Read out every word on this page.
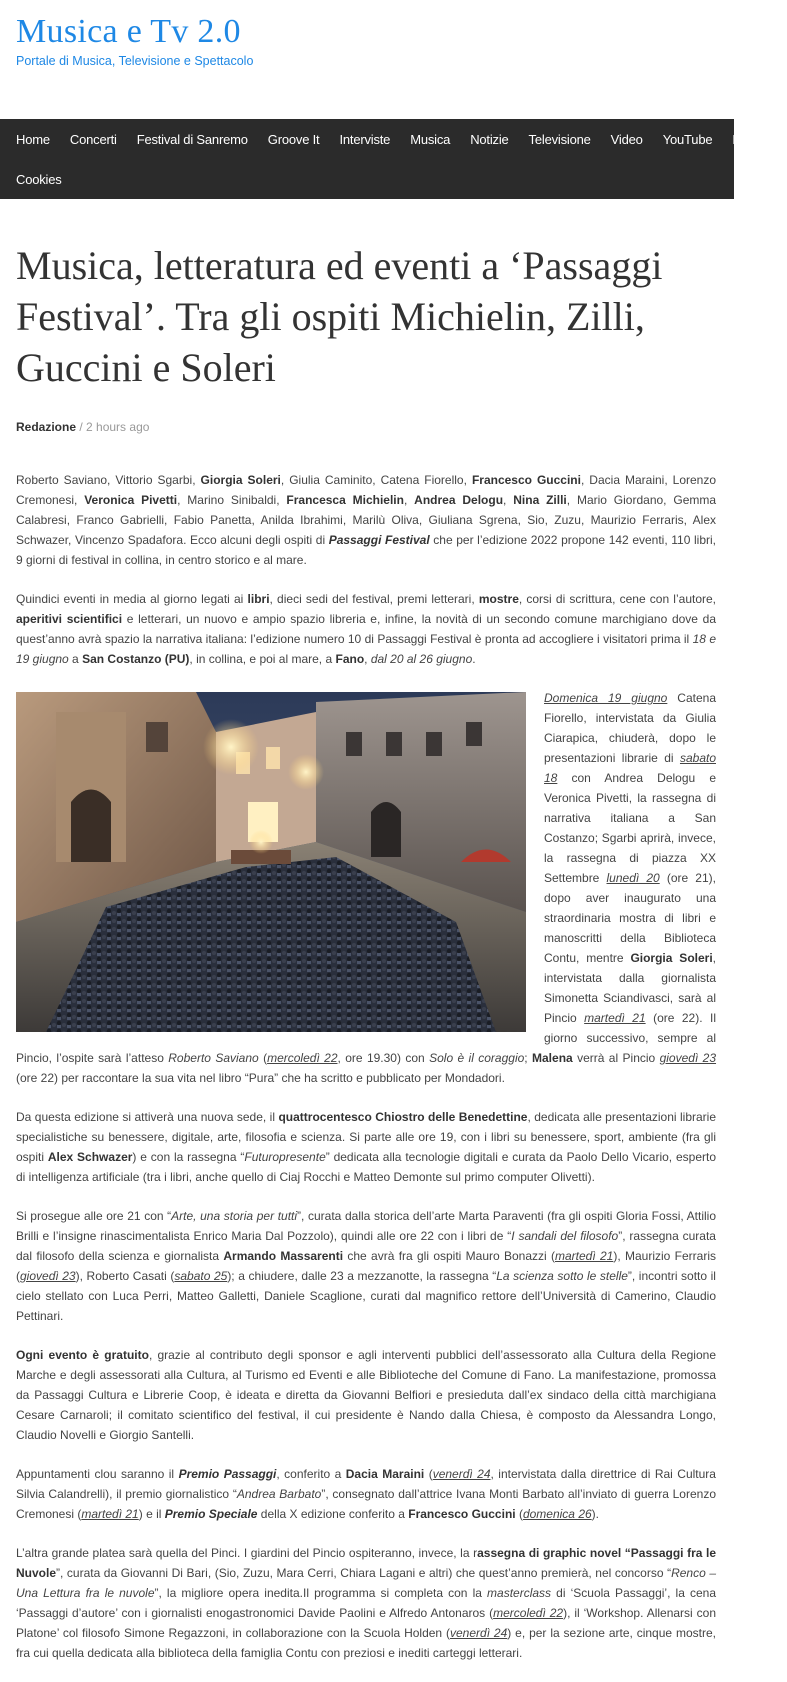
Musica e Tv 2.0
Portale di Musica, Televisione e Spettacolo
Home Concerti Festival di Sanremo Groove It Interviste Musica Notizie Televisione Video YouTube Discla
Cookies
Musica, letteratura ed eventi a ‘Passaggi Festival’. Tra gli ospiti Michielin, Zilli, Guccini e Soleri
Redazione / 2 hours ago

Roberto Saviano, Vittorio Sgarbi, Giorgia Soleri, Giulia Caminito, Catena Fiorello, Francesco Guccini, Dacia Maraini, Lorenzo Cremonesi, Veronica Pivetti, Marino Sinibaldi, Francesca Michielin, Andrea Delogu, Nina Zilli, Mario Giordano, Gemma Calabresi, Franco Gabrielli, Fabio Panetta, Anilda Ibrahimi, Marilù Oliva, Giuliana Sgrena, Sio, Zuzu, Maurizio Ferraris, Alex Schwazer, Vincenzo Spadafora. Ecco alcuni degli ospiti di Passaggi Festival che per l’edizione 2022 propone 142 eventi, 110 libri, 9 giorni di festival in collina, in centro storico e al mare.

Quindici eventi in media al giorno legati ai libri, dieci sedi del festival, premi letterari, mostre, corsi di scrittura, cene con l’autore, aperitivi scientifici e letterari, un nuovo e ampio spazio libreria e, infine, la novità di un secondo comune marchigiano dove da quest’anno avrà spazio la narrativa italiana: l’edizione numero 10 di Passaggi Festival è pronta ad accogliere i visitatori prima il 18 e 19 giugno a San Costanzo (PU), in collina, e poi al mare, a Fano, dal 20 al 26 giugno.

Domenica 19 giugno Catena Fiorello, intervistata da Giulia Ciarapica, chiuderà, dopo le presentazioni librarie di sabato 18 con Andrea Delogu e Veronica Pivetti, la rassegna di narrativa italiana a San Costanzo; Sgarbi aprirà, invece, la rassegna di piazza XX Settembre lunedì 20 (ore 21), dopo aver inaugurato una straordinaria mostra di libri e manoscritti della Biblioteca Contu, mentre Giorgia Soleri, intervistata dalla giornalista Simonetta Sciandivasci, sarà al Pincio martedì 21 (ore 22). Il giorno successivo, sempre al Pincio, l’ospite sarà l’atteso Roberto Saviano (mercoledì 22, ore 19.30) con Solo è il coraggio; Malena verrà al Pincio giovedì 23 (ore 22) per raccontare la sua vita nel libro “Pura” che ha scritto e pubblicato per Mondadori.

Da questa edizione si attiverà una nuova sede, il quattrocentesco Chiostro delle Benedettine, dedicata alle presentazioni librarie specialistiche su benessere, digitale, arte, filosofia e scienza. Si parte alle ore 19, con i libri su benessere, sport, ambiente (fra gli ospiti Alex Schwazer) e con la rassegna “Futuropresente” dedicata alla tecnologie digitali e curata da Paolo Dello Vicario, esperto di intelligenza artificiale (tra i libri, anche quello di Ciaj Rocchi e Matteo Demonte sul primo computer Olivetti).

Si prosegue alle ore 21 con “Arte, una storia per tutti”, curata dalla storica dell’arte Marta Paraventi (fra gli ospiti Gloria Fossi, Attilio Brilli e l’insigne rinascimentalista Enrico Maria Dal Pozzolo), quindi alle ore 22 con i libri de “I sandali del filosofo”, rassegna curata dal filosofo della scienza e giornalista Armando Massarenti che avrà fra gli ospiti Mauro Bonazzi (martedì 21), Maurizio Ferraris (giovedì 23), Roberto Casati (sabato 25); a chiudere, dalle 23 a mezzanotte, la rassegna “La scienza sotto le stelle”, incontri sotto il cielo stellato con Luca Perri, Matteo Galletti, Daniele Scaglione, curati dal magnifico rettore dell’Università di Camerino, Claudio Pettinari.

Ogni evento è gratuito, grazie al contributo degli sponsor e agli interventi pubblici dell’assessorato alla Cultura della Regione Marche e degli assessorati alla Cultura, al Turismo ed Eventi e alle Biblioteche del Comune di Fano. La manifestazione, promossa da Passaggi Cultura e Librerie Coop, è ideata e diretta da Giovanni Belfiori e presieduta dall’ex sindaco della città marchigiana Cesare Carnaroli; il comitato scientifico del festival, il cui presidente è Nando dalla Chiesa, è composto da Alessandra Longo, Claudio Novelli e Giorgio Santelli.

Appuntamenti clou saranno il Premio Passaggi, conferito a Dacia Maraini (venerdì 24, intervistata dalla direttrice di Rai Cultura Silvia Calandrelli), il premio giornalistico “Andrea Barbato”, consegnato dall’attrice Ivana Monti Barbato all’inviato di guerra Lorenzo Cremonesi (martedì 21) e il Premio Speciale della X edizione conferito a Francesco Guccini (domenica 26).

L’altra grande platea sarà quella del Pinci. I giardini del Pincio ospiteranno, invece, la rassegna di graphic novel “Passaggi fra le Nuvole”, curata da Giovanni Di Bari, (Sio, Zuzu, Mara Cerri, Chiara Lagani e altri) che quest’anno premierà, nel concorso “Renco – Una Lettura fra le nuvole”, la migliore opera inedita.Il programma si completa con la masterclass di ‘Scuola Passaggi’, la cena ‘Passaggi d’autore’ con i giornalisti enogastronomici Davide Paolini e Alfredo Antonaros (mercoledì 22), il ‘Workshop. Allenarsi con Platone’ col filosofo Simone Regazzoni, in collaborazione con la Scuola Holden (venerdì 24) e, per la sezione arte, cinque mostre, fra cui quella dedicata alla biblioteca della famiglia Contu con preziosi e inediti carteggi letterari.
